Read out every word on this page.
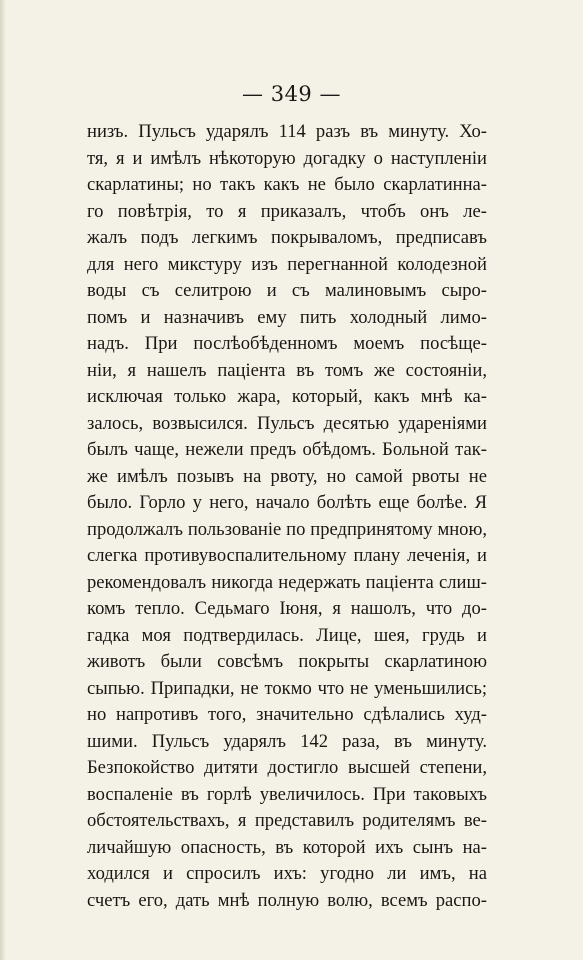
— 349 —
низъ. Пульсъ ударялъ 114 разъ въ минуту. Хо-
тя, я и имѣлъ нѣкоторую догадку о наступленiи
скарлатины; но такъ какъ не было скарлатинна-
го повѣтрiя, то я приказалъ, чтобъ онъ ле-
жалъ подъ легкимъ покрываломъ, предписавъ
для него микстуру изъ перегнанной колодезной
воды съ селитрою и съ малиновымъ сыро-
помъ и назначивъ ему пить холодный лимо-
надъ. При послѣобѣденномъ моемъ посѣще-
нiи, я нашелъ пацiента въ томъ же состоянiи,
исключая только жара, который, какъ мнѣ ка-
залось, возвысился. Пульсъ десятью ударенiями
былъ чаще, нежели предъ обѣдомъ. Больной так-
же имѣлъ позывъ на рвоту, но самой рвоты не
было. Горло у него, начало болѣть еще болѣе. Я
продолжалъ пользованiе по предпринятому мною,
слегка противувоспалительному плану леченiя, и
рекомендовалъ никогда недержать пацiента слиш-
комъ тепло. Седьмаго Iюня, я нашолъ, что до-
гадка моя подтвердилась. Лице, шея, грудь и
животъ были совсѣмъ покрыты скарлатиною
сыпью. Припадки, не токмо что не уменьшились;
но напротивъ того, значительно сдѣлались худ-
шими. Пульсъ ударялъ 142 раза, въ минуту.
Безпокойство дитяти достигло высшей степени,
воспаленiе въ горлѣ увеличилось. При таковыхъ
обстоятельствахъ, я представилъ родителямъ ве-
личайшую опасность, въ которой ихъ сынъ на-
ходился и спросилъ ихъ: угодно ли имъ, на
счетъ его, дать мнѣ полную волю, всемъ распо-
